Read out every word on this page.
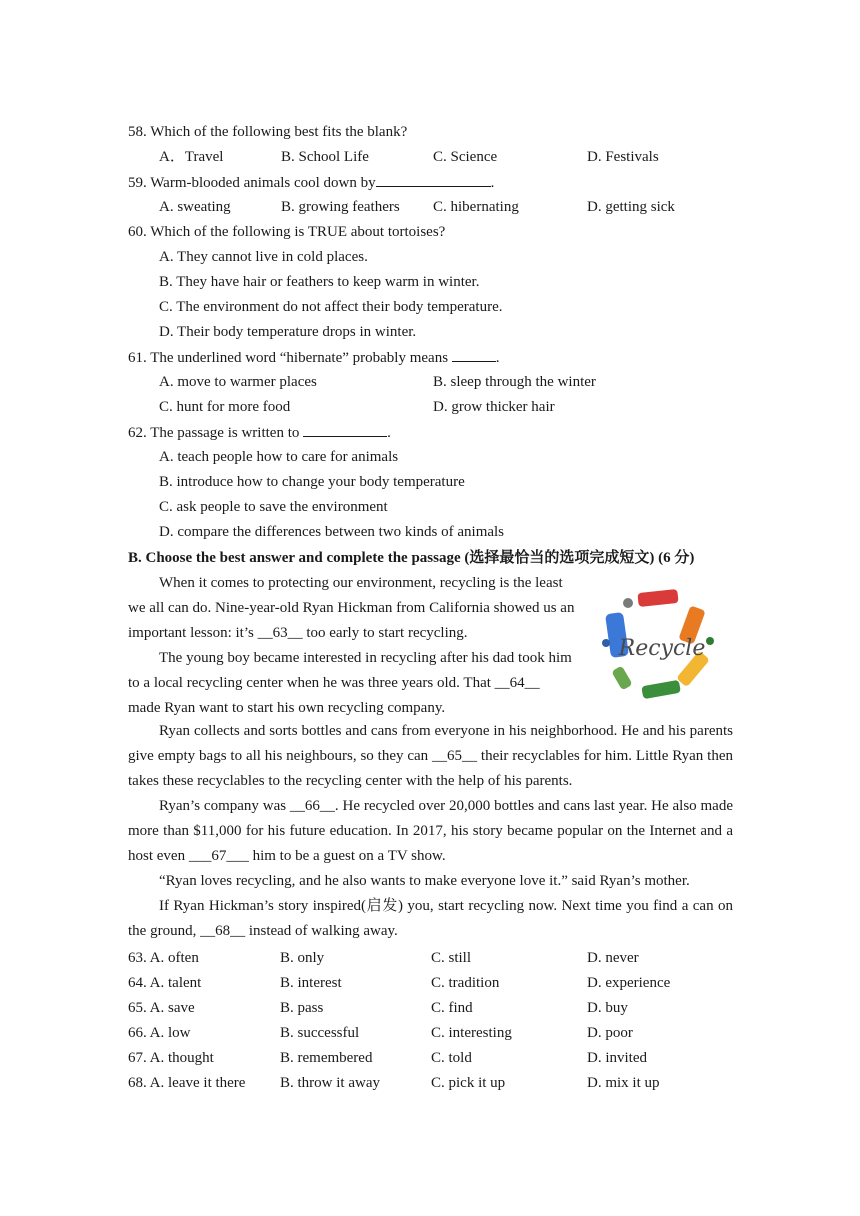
58. Which of the following best fits the blank?
A．Travel	B. School Life	C. Science	D. Festivals
59. Warm-blooded animals cool down by	.
A. sweating	B. growing feathers C. hibernating	D. getting sick
60. Which of the following is TRUE about tortoises?
A. They cannot live in cold places.
B. They have hair or feathers to keep warm in winter.
C. The environment do not affect their body temperature.
D. Their body temperature drops in winter.
61. The underlined word “hibernate” probably means	.
A. move to warmer places	B. sleep through the winter
C. hunt for more food	D. grow thicker hair
62. The passage is written to	.
A. teach people how to care for animals
B. introduce how to change your body temperature
C. ask people to save the environment
D. compare the differences between two kinds of animals
B. Choose the best answer and complete the passage (选择最恰当的选项完成短文) (6 分)
When it comes to protecting our environment, recycling is the least
we all can do. Nine-year-old Ryan Hickman from California showed us an
important lesson: it’s __63__ too early to start recycling.
The young boy became interested in recycling after his dad took him
to a local recycling center when he was three years old. That __64__
made Ryan want to start his own recycling company.
Recycle

Ryan collects and sorts bottles and cans from everyone in his neighborhood. He and his parents give empty bags to all his neighbours, so they can __65__ their recyclables for him. Little Ryan then takes these recyclables to the recycling center with the help of his parents.

Ryan’s company was __66__. He recycled over 20,000 bottles and cans last year. He also made more than $11,000 for his future education. In 2017, his story became popular on the Internet and a host even ___67___ him to be a guest on a TV show.

“Ryan loves recycling, and he also wants to make everyone love it.” said Ryan’s mother.

If Ryan Hickman’s story inspired(启发) you, start recycling now. Next time you find a can on the ground, __68__ instead of walking away.

63. A. often	B. only	C. still	D. never
64. A. talent	B. interest	C. tradition	D. experience
65. A. save	B. pass	C. find	D. buy
66. A. low	B. successful	C. interesting	D. poor
67. A. thought	B. remembered	C. told	D. invited
68. A. leave it there B. throw it away	C. pick it up	D. mix it up
